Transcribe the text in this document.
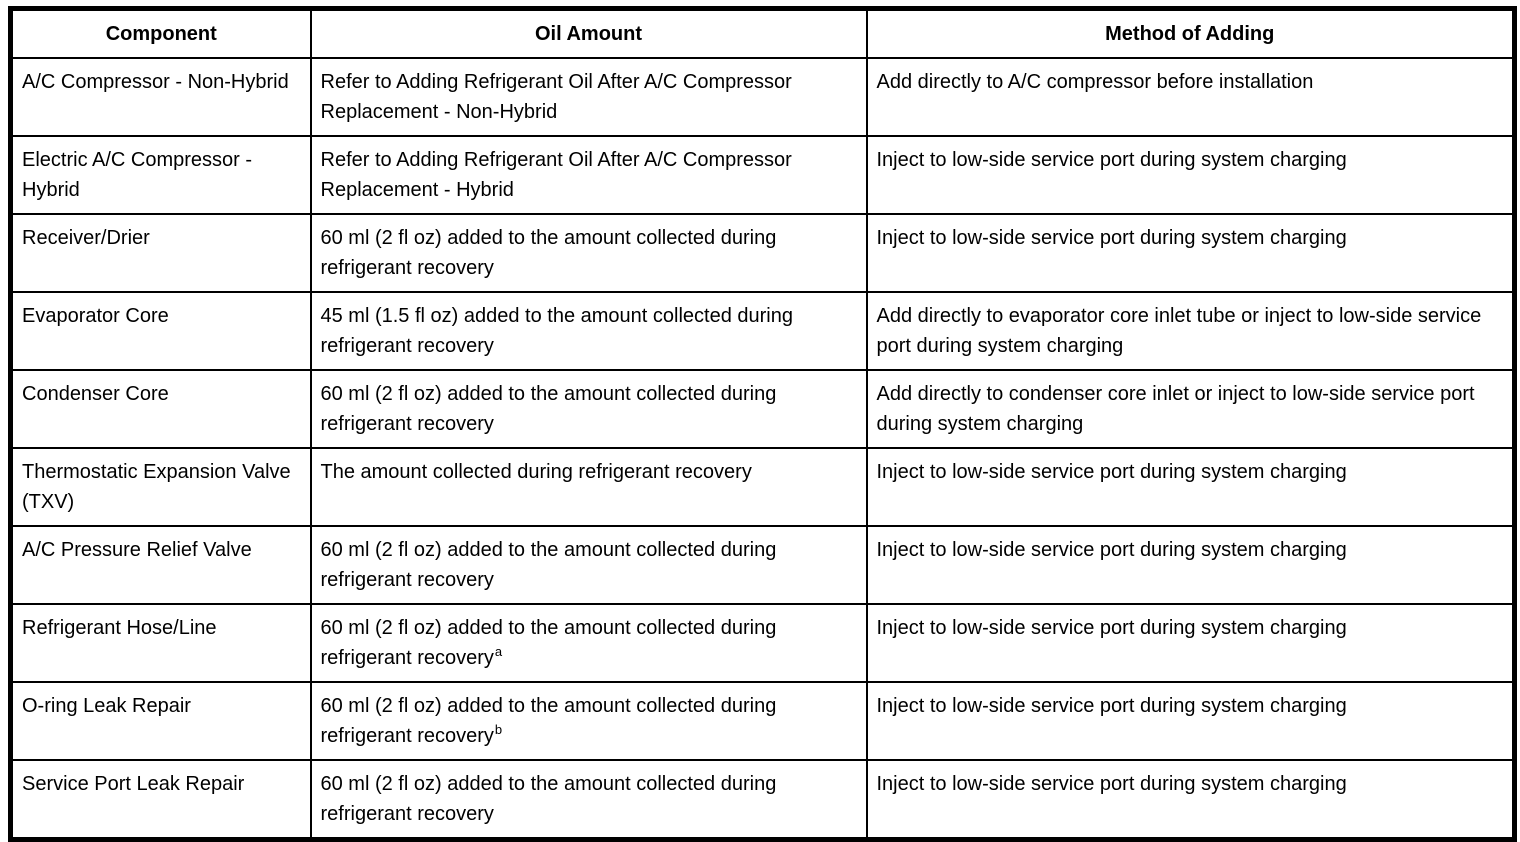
Component	Oil Amount	Method of Adding
A/C Compressor - Non-Hybrid	Refer to Adding Refrigerant Oil After A/C Compressor Replacement - Non-Hybrid	Add directly to A/C compressor before installation
Electric A/C Compressor - Hybrid	Refer to Adding Refrigerant Oil After A/C Compressor Replacement - Hybrid	Inject to low-side service port during system charging
Receiver/Drier	60 ml (2 fl oz) added to the amount collected during refrigerant recovery	Inject to low-side service port during system charging
Evaporator Core	45 ml (1.5 fl oz) added to the amount collected during refrigerant recovery	Add directly to evaporator core inlet tube or inject to low-side service port during system charging
Condenser Core	60 ml (2 fl oz) added to the amount collected during refrigerant recovery	Add directly to condenser core inlet or inject to low-side service port during system charging
Thermostatic Expansion Valve (TXV)	The amount collected during refrigerant recovery	Inject to low-side service port during system charging
A/C Pressure Relief Valve	60 ml (2 fl oz) added to the amount collected during refrigerant recovery	Inject to low-side service port during system charging
Refrigerant Hose/Line	60 ml (2 fl oz) added to the amount collected during refrigerant recovery$^a$	Inject to low-side service port during system charging
O-ring Leak Repair	60 ml (2 fl oz) added to the amount collected during refrigerant recovery$^b$	Inject to low-side service port during system charging
Service Port Leak Repair	60 ml (2 fl oz) added to the amount collected during refrigerant recovery	Inject to low-side service port during system charging
